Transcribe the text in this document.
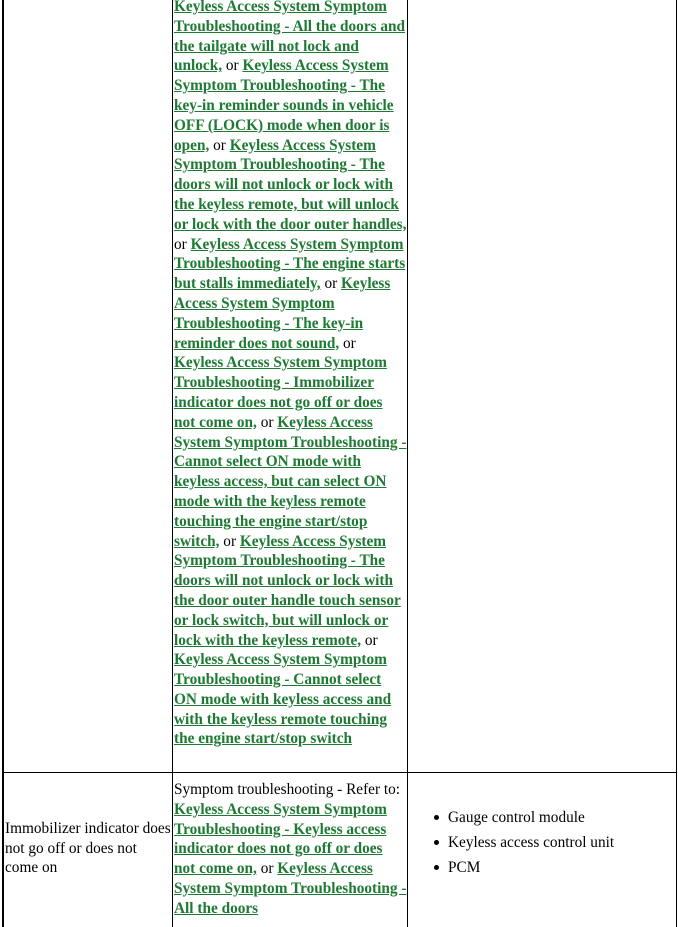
Keyless Access System Symptom Troubleshooting - All the doors and the tailgate will not lock and unlock, or Keyless Access System Symptom Troubleshooting - The key-in reminder sounds in vehicle OFF (LOCK) mode when door is open, or Keyless Access System Symptom Troubleshooting - The doors will not unlock or lock with the keyless remote, but will unlock or lock with the door outer handles, or Keyless Access System Symptom Troubleshooting - The engine starts but stalls immediately, or Keyless Access System Symptom Troubleshooting - The key-in reminder does not sound, or Keyless Access System Symptom Troubleshooting - Immobilizer indicator does not go off or does not come on, or Keyless Access System Symptom Troubleshooting - Cannot select ON mode with keyless access, but can select ON mode with the keyless remote touching the engine start/stop switch, or Keyless Access System Symptom Troubleshooting - The doors will not unlock or lock with the door outer handle touch sensor or lock switch, but will unlock or lock with the keyless remote, or Keyless Access System Symptom Troubleshooting - Cannot select ON mode with keyless access and with the keyless remote touching the engine start/stop switch
Immobilizer indicator does not go off or does not come on
Symptom troubleshooting - Refer to: Keyless Access System Symptom Troubleshooting - Keyless access indicator does not go off or does not come on, or Keyless Access System Symptom Troubleshooting - All the doors
Gauge control module
Keyless access control unit
PCM
